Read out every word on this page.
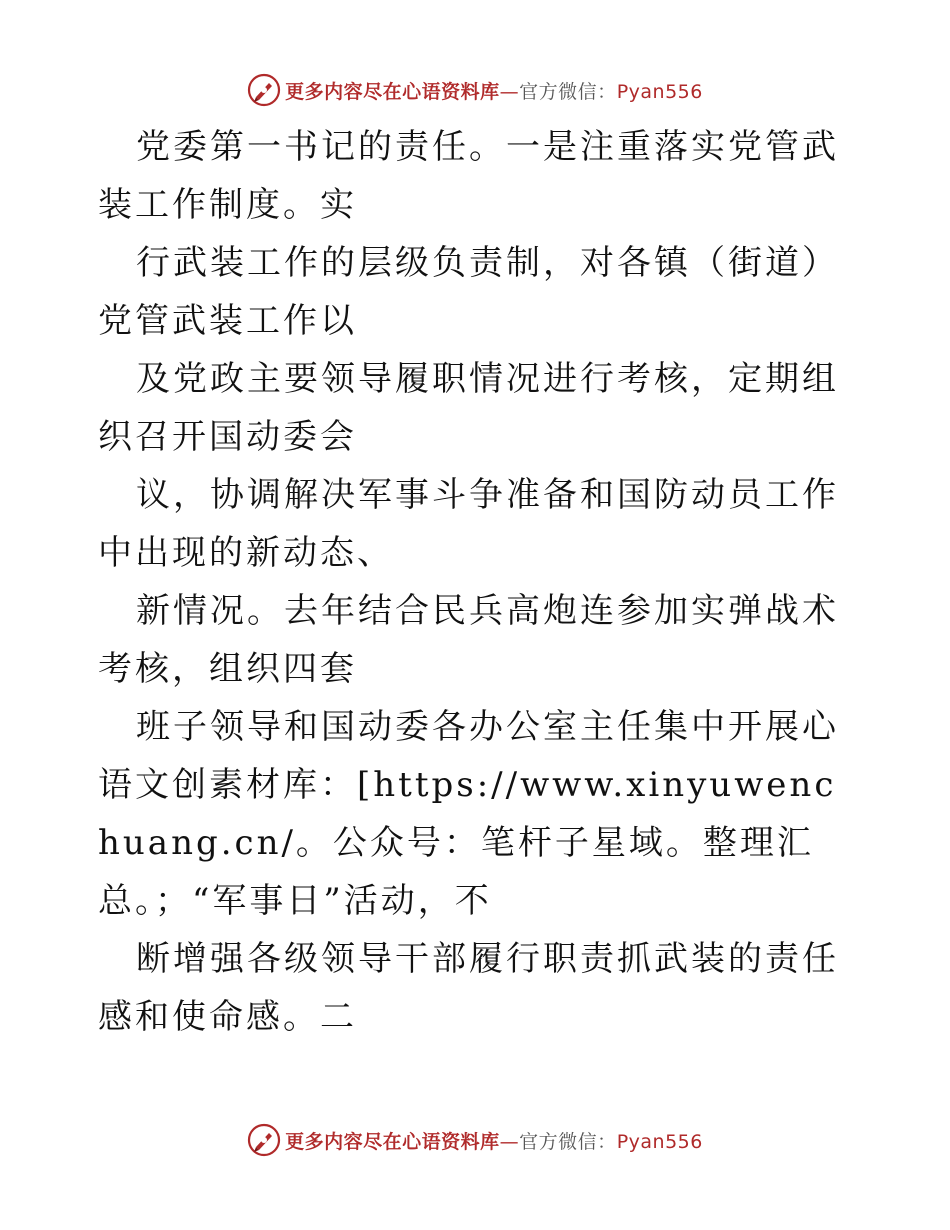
更多内容尽在心语资料库—官方微信：Pyan556

党委第一书记的责任。一是注重落实党管武装工作制度。实

行武装工作的层级负责制，对各镇（街道）党管武装工作以

及党政主要领导履职情况进行考核，定期组织召开国动委会

议，协调解决军事斗争准备和国防动员工作中出现的新动态、

新情况。去年结合民兵高炮连参加实弹战术考核，组织四套

班子领导和国动委各办公室主任集中开展心语文创素材库：[https://www.xinyuwenchuang.cn/。公众号：笔杆子星域。整理汇总。；“军事日”活动，不

断增强各级领导干部履行职责抓武装的责任感和使命感。二

更多内容尽在心语资料库—官方微信：Pyan556
